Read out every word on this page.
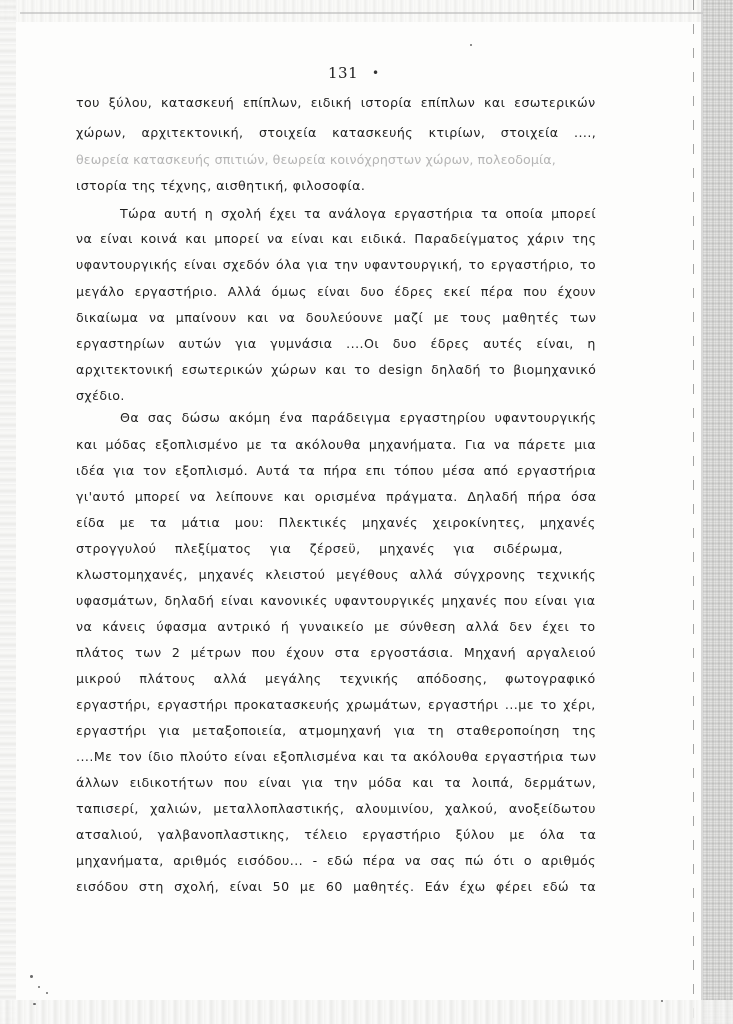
131 •
του ξύλου, κατασκευή επίπλων, ειδική ιστορία επίπλων και εσωτερικών
χώρων, αρχιτεκτονική, στοιχεία κατασκευής κτιρίων, στοιχεία ....,
θεωρεία κατασκευής σπιτιών, θεωρεία κοινόχρηστων χώρων, πολεοδομία,
ιστορία της τέχνης, αισθητική, φιλοσοφία.
Τώρα αυτή η σχολή έχει τα ανάλογα εργαστήρια τα οποία μπορεί
να είναι κοινά και μπορεί να είναι και ειδικά. Παραδείγματος χάριν της
υφαντουργικής είναι σχεδόν όλα για την υφαντουργική, το εργαστήριο, το
μεγάλο εργαστήριο. Αλλά όμως είναι δυο έδρες εκεί πέρα που έχουν
δικαίωμα να μπαίνουν και να δουλεύουνε μαζί με τους μαθητές των
εργαστηρίων αυτών για γυμνάσια ....Οι δυο έδρες αυτές είναι, η
αρχιτεκτονική εσωτερικών χώρων και το design δηλαδή το βιομηχανικό
σχέδιο.
Θα σας δώσω ακόμη ένα παράδειγμα εργαστηρίου υφαντουργικής
και μόδας εξοπλισμένο με τα ακόλουθα μηχανήματα. Για να πάρετε μια
ιδέα για τον εξοπλισμό. Αυτά τα πήρα επι τόπου μέσα από εργαστήρια
γι'αυτό μπορεί να λείπουνε και ορισμένα πράγματα. Δηλαδή πήρα όσα
είδα με τα μάτια μου: Πλεκτικές μηχανές χειροκίνητες, μηχανές
στρογγυλού πλεξίματος για ζέρσεϋ, μηχανές για σιδέρωμα,
κλωστομηχανές, μηχανές κλειστού μεγέθους αλλά σύγχρονης τεχνικής
υφασμάτων, δηλαδή είναι κανονικές υφαντουργικές μηχανές που είναι για
να κάνεις ύφασμα αντρικό ή γυναικείο με σύνθεση αλλά δεν έχει το
πλάτος των 2 μέτρων που έχουν στα εργοστάσια. Μηχανή αργαλειού
μικρού πλάτους αλλά μεγάλης τεχνικής απόδοσης, φωτογραφικό
εργαστήρι, εργαστήρι προκατασκευής χρωμάτων, εργαστήρι ...με το χέρι,
εργαστήρι για μεταξοποιεία, ατμομηχανή για τη σταθεροποίηση της
....Με τον ίδιο πλούτο είναι εξοπλισμένα και τα ακόλουθα εργαστήρια των
άλλων ειδικοτήτων που είναι για την μόδα και τα λοιπά, δερμάτων,
ταπισερί, χαλιών, μεταλλοπλαστικής, αλουμινίου, χαλκού, ανοξείδωτου
ατσαλιού, γαλβανοπλαστικης, τέλειο εργαστήριο ξύλου με όλα τα
μηχανήματα, αριθμός εισόδου... - εδώ πέρα να σας πώ ότι ο αριθμός
εισόδου στη σχολή, είναι 50 με 60 μαθητές. Εάν έχω φέρει εδώ τα
